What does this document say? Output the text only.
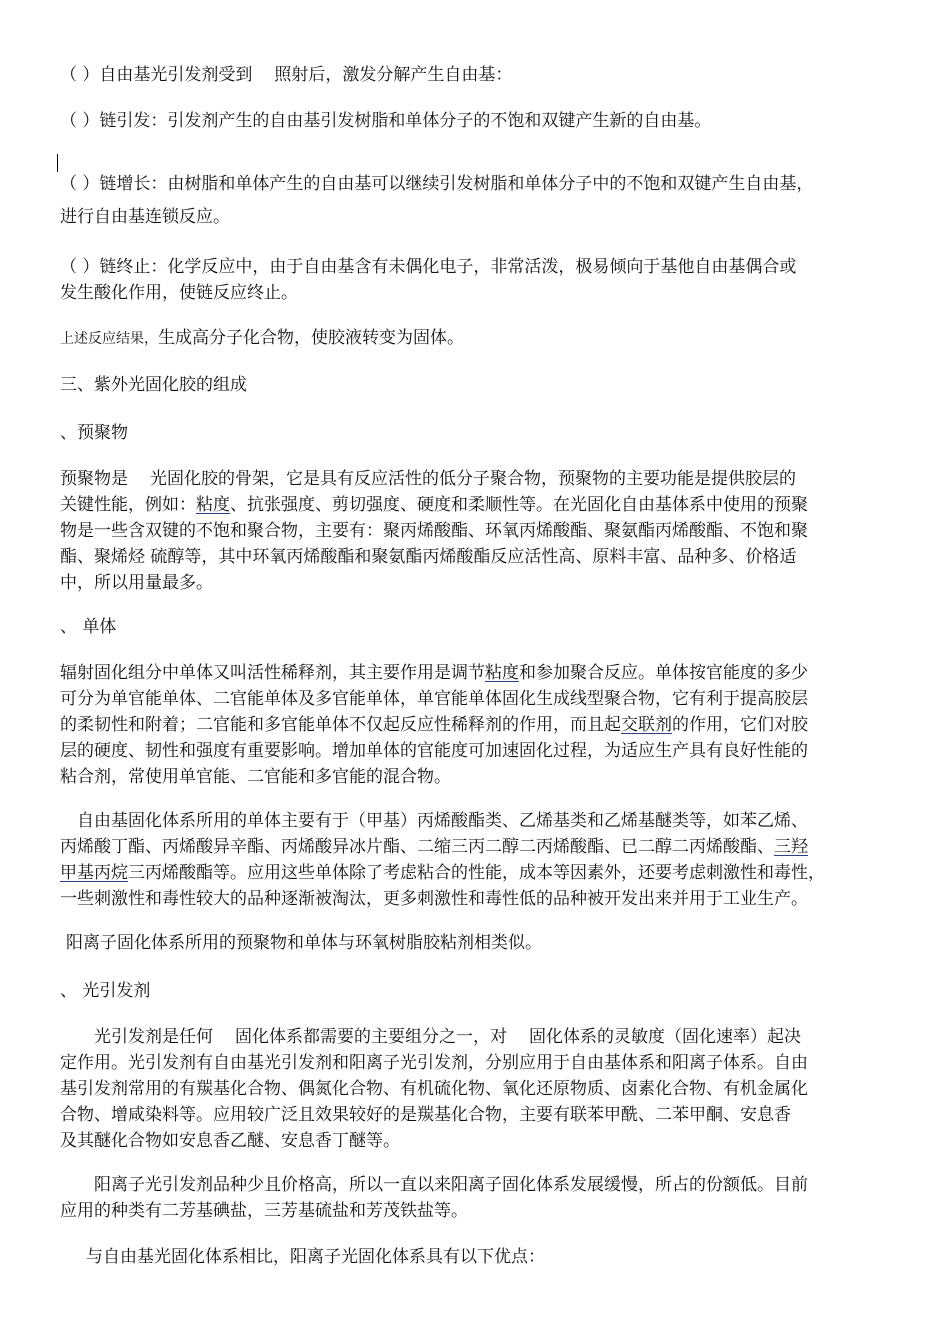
（ ）自由基光引发剂受到 照射后，激发分解产生自由基：
（ ）链引发：引发剂产生的自由基引发树脂和单体分子的不饱和双键产生新的自由基。
（ ）链增长：由树脂和单体产生的自由基可以继续引发树脂和单体分子中的不饱和双键产生自由基，
进行自由基连锁反应。
（ ）链终止：化学反应中，由于自由基含有未偶化电子，非常活泼，极易倾向于基他自由基偶合或
发生酸化作用，使链反应终止。
上述反应结果，生成高分子化合物，使胶液转变为固体。
三、紫外光固化胶的组成
、预聚物
预聚物是 光固化胶的骨架，它是具有反应活性的低分子聚合物，预聚物的主要功能是提供胶层的
关键性能，例如：粘度、抗张强度、剪切强度、硬度和柔顺性等。在光固化自由基体系中使用的预聚
物是一些含双键的不饱和聚合物，主要有：聚丙烯酸酯、环氧丙烯酸酯、聚氨酯丙烯酸酯、不饱和聚
酯、聚烯烃 硫醇等，其中环氧丙烯酸酯和聚氨酯丙烯酸酯反应活性高、原料丰富、品种多、价格适
中，所以用量最多。
、 单体
辐射固化组分中单体又叫活性稀释剂，其主要作用是调节粘度和参加聚合反应。单体按官能度的多少
可分为单官能单体、二官能单体及多官能单体，单官能单体固化生成线型聚合物，它有利于提高胶层
的柔韧性和附着；二官能和多官能单体不仅起反应性稀释剂的作用，而且起交联剂的作用，它们对胶
层的硬度、韧性和强度有重要影响。增加单体的官能度可加速固化过程，为适应生产具有良好性能的
粘合剂，常使用单官能、二官能和多官能的混合物。
自由基固化体系所用的单体主要有于（甲基）丙烯酸酯类、乙烯基类和乙烯基醚类等，如苯乙烯、
丙烯酸丁酯、丙烯酸异辛酯、丙烯酸异冰片酯、二缩三丙二醇二丙烯酸酯、已二醇二丙烯酸酯、三羟
甲基丙烷三丙烯酸酯等。应用这些单体除了考虑粘合的性能，成本等因素外，还要考虑刺激性和毒性，
一些刺激性和毒性较大的品种逐渐被淘汰，更多刺激性和毒性低的品种被开发出来并用于工业生产。
阳离子固化体系所用的预聚物和单体与环氧树脂胶粘剂相类似。
、 光引发剂
光引发剂是任何 固化体系都需要的主要组分之一，对 固化体系的灵敏度（固化速率）起决
定作用。光引发剂有自由基光引发剂和阳离子光引发剂，分别应用于自由基体系和阳离子体系。自由
基引发剂常用的有羰基化合物、偶氮化合物、有机硫化物、氧化还原物质、卤素化合物、有机金属化
合物、增咸染料等。应用较广泛且效果较好的是羰基化合物，主要有联苯甲酰、二苯甲酮、安息香
及其醚化合物如安息香乙醚、安息香丁醚等。
阳离子光引发剂品种少且价格高，所以一直以来阳离子固化体系发展缓慢，所占的份额低。目前
应用的种类有二芳基碘盐，三芳基硫盐和芳茂铁盐等。
与自由基光固化体系相比，阳离子光固化体系具有以下优点：
